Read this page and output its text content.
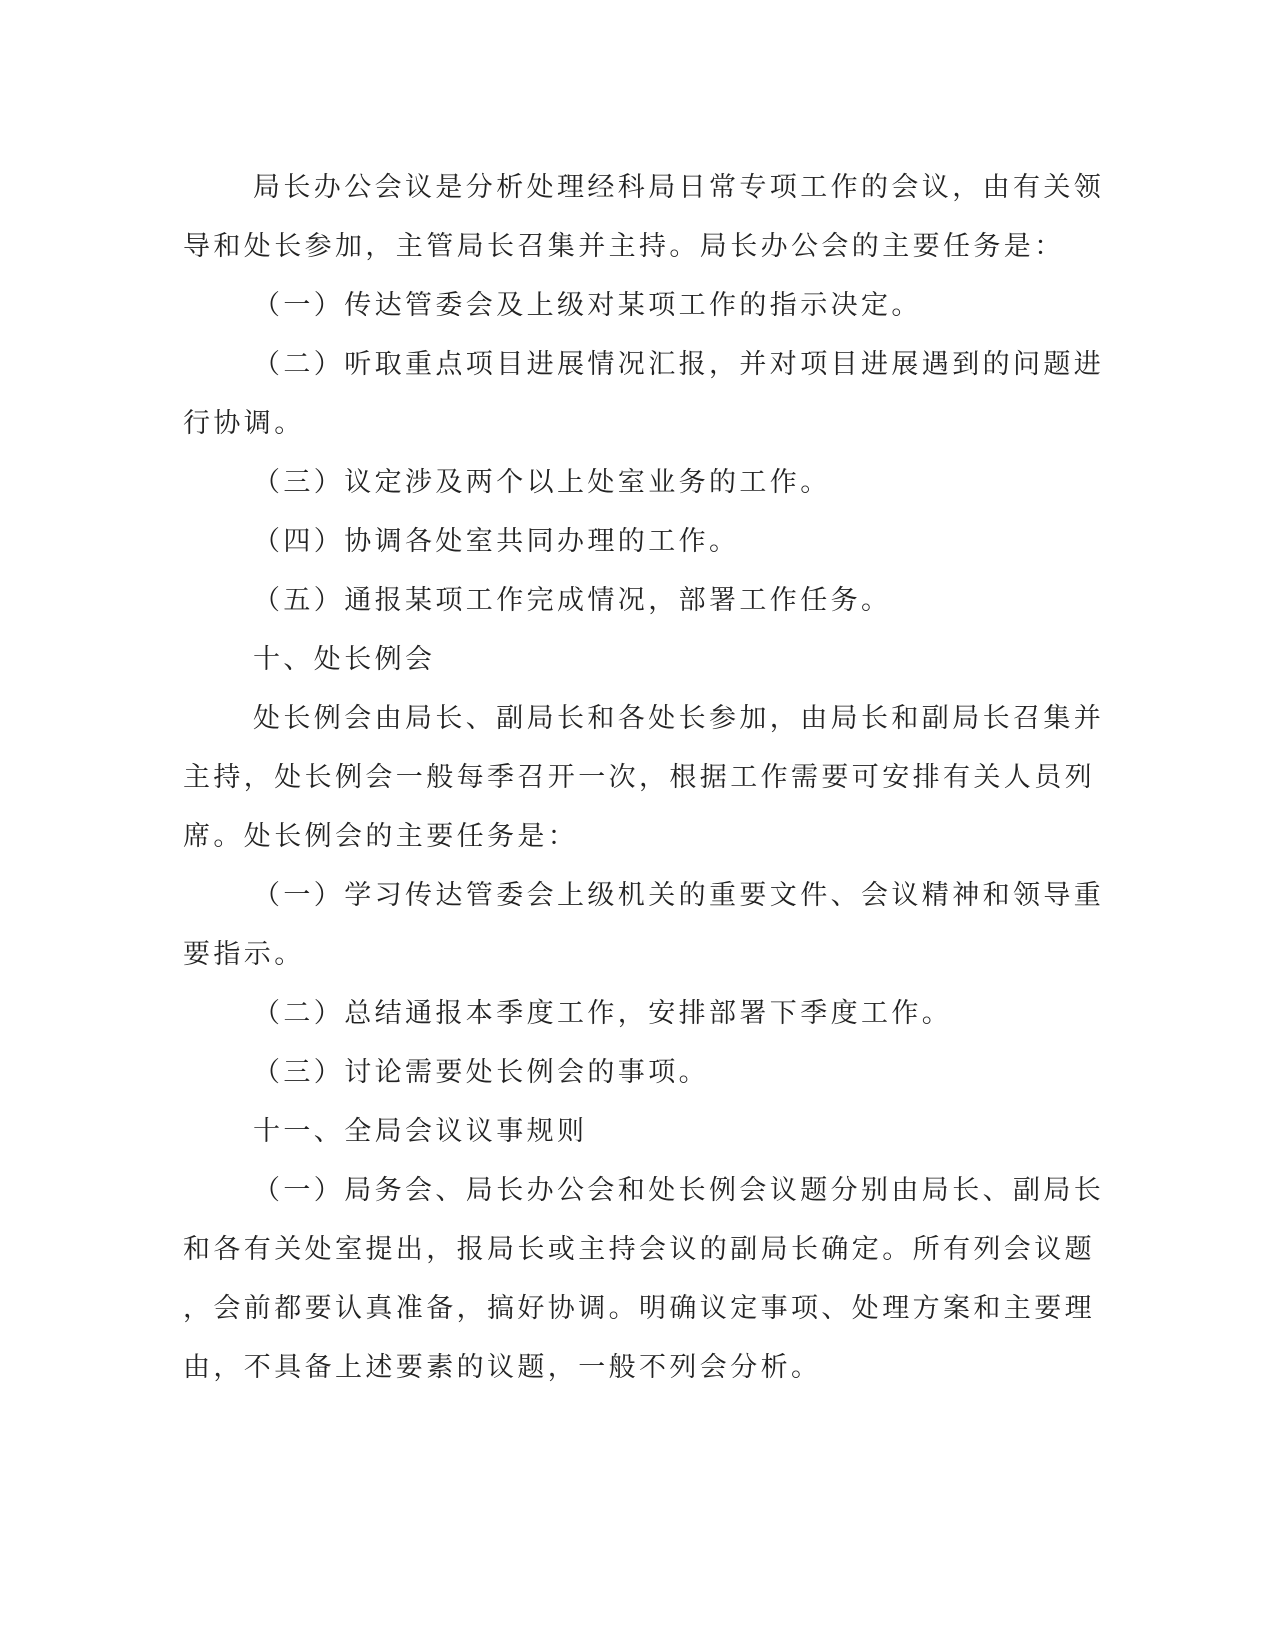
局长办公会议是分析处理经科局日常专项工作的会议，由有关领
导和处长参加，主管局长召集并主持。局长办公会的主要任务是：
（一）传达管委会及上级对某项工作的指示决定。
（二）听取重点项目进展情况汇报，并对项目进展遇到的问题进
行协调。
（三）议定涉及两个以上处室业务的工作。
（四）协调各处室共同办理的工作。
（五）通报某项工作完成情况，部署工作任务。
十、处长例会
处长例会由局长、副局长和各处长参加，由局长和副局长召集并
主持，处长例会一般每季召开一次，根据工作需要可安排有关人员列
席。处长例会的主要任务是：
（一）学习传达管委会上级机关的重要文件、会议精神和领导重
要指示。
（二）总结通报本季度工作，安排部署下季度工作。
（三）讨论需要处长例会的事项。
十一、全局会议议事规则
（一）局务会、局长办公会和处长例会议题分别由局长、副局长
和各有关处室提出，报局长或主持会议的副局长确定。所有列会议题
，会前都要认真准备，搞好协调。明确议定事项、处理方案和主要理
由，不具备上述要素的议题，一般不列会分析。
